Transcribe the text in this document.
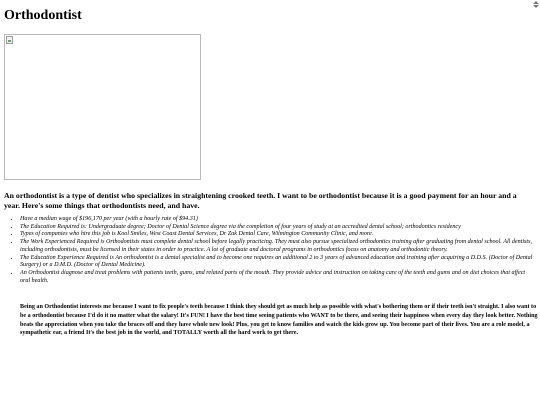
Orthodontist

An orthodontist is a type of dentist who specializes in straightening crooked teeth. I want to be orthodontist because it is a good payment for an hour and a year. Here's some things that orthodontists need, and have.

• Have a median wage of $196,170 per year (with a hourly rate of $94.31)
• The Education Required is: Undergraduate degree; Doctor of Dental Science degree via the completion of four years of study at an accredited dental school; orthodontics residency
• Types of companies who hire this job is Kool Smiles, West Coast Dental Services, Dr Zak Dental Care, Wilmington Community Clinic, and more.
• The Work Experienced Required is Orthodontists must complete dental school before legally practicing. They must also pursue specialized orthodontics training after graduating from dental school. All dentists, including orthodontists, must be licensed in their states in order to practice. A lot of graduate and doctoral programs in orthodontics focus on anatomy and orthodontic theory.
• The Education Experience Required is An orthodontist is a dental specialist and to become one requires an additional 2 to 3 years of advanced education and training after acquiring a D.D.S. (Doctor of Dental Surgery) or a D.M.D. (Doctor of Dental Medicine).
• An Orthodontist diagnose and treat problems with patients teeth, gums, and related parts of the mouth. They provide advice and instruction on taking care of the teeth and gums and on diet choices that affect oral health.

Being an Orthodontist interests me because I want to fix people's teeth because I think they should get as much help as possible with what's bothering them or if their teeth isn't straight. I also want to be a orthodontist because I'd do it no matter what the salary! It's FUN! I have the best time seeing patients who WANT to be there, and seeing their happiness when every day they look better. Nothing beats the appreciation when you take the braces off and they have whole new look! Plus, you get to know families and watch the kids grow up. You become part of their lives. You are a role model, a sympathetic ear, a friend It's the best job in the world, and TOTALLY worth all the hard work to get there.
